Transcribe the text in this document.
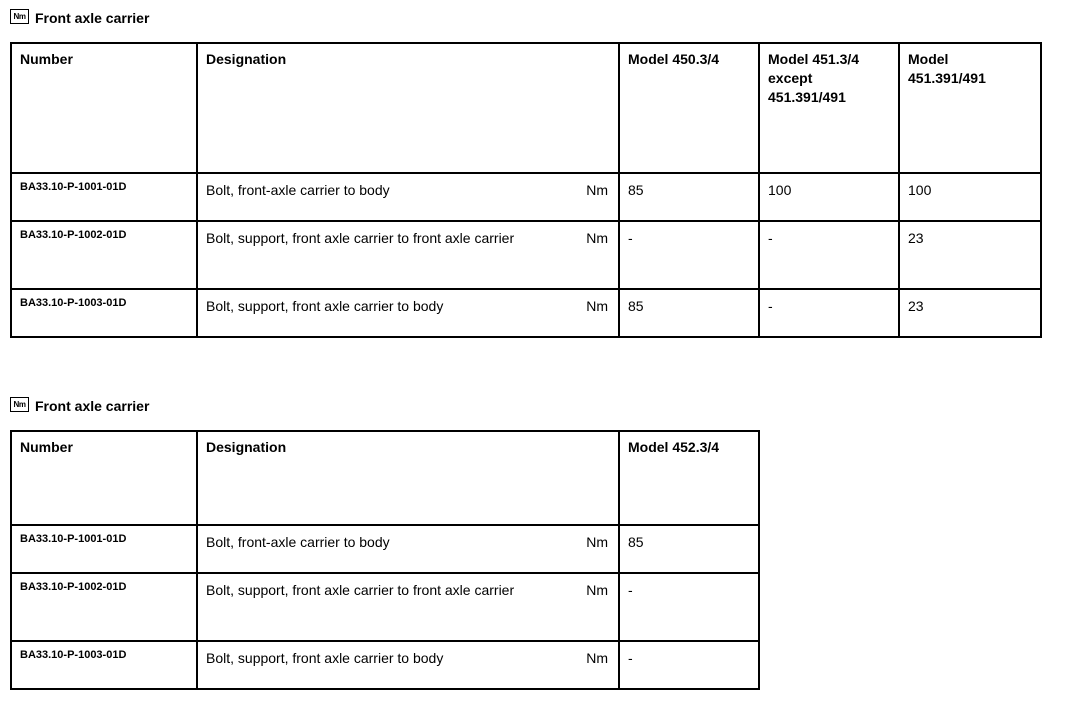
Nm Front axle carrier
Number	Designation	Model 450.3/4	Model 451.3/4 except 451.391/491	Model 451.391/491

BA33.10-P-1001-01D	Bolt, front-axle carrier to body Nm	85	100	100

BA33.10-P-1002-01D	Bolt, support, front axle carrier to front axle carrier Nm	-	-	23

BA33.10-P-1003-01D	Bolt, support, front axle carrier to body Nm	85	-	23
Nm Front axle carrier
Number	Designation	Model 452.3/4

BA33.10-P-1001-01D	Bolt, front-axle carrier to body Nm	85

BA33.10-P-1002-01D	Bolt, support, front axle carrier to front axle carrier Nm	-

BA33.10-P-1003-01D	Bolt, support, front axle carrier to body Nm	-
